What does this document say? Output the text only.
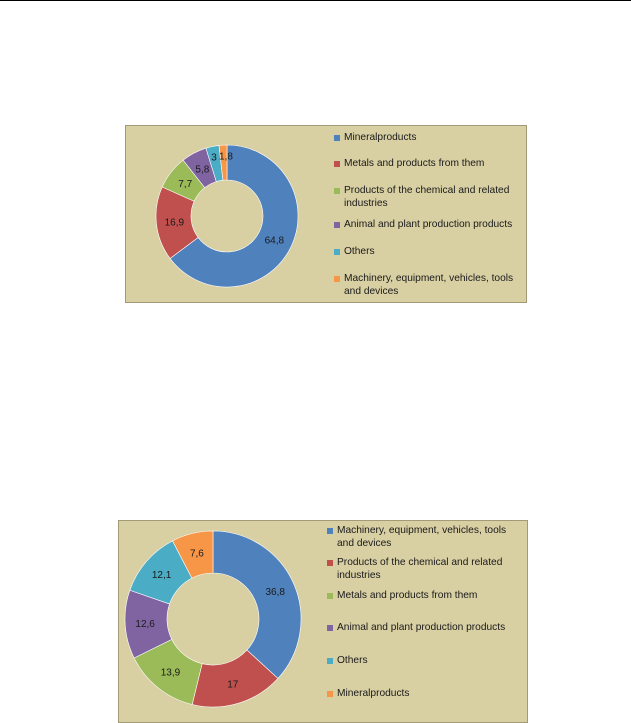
64,8
16,9
7,7
5,8
3 1,8
Mineralproducts
Metals and products from them
Products of the chemical and related industries
Animal and plant production products
Others
Machinery, equipment, vehicles, tools and devices
36,8
17
13,9
12,6
12,1
7,6
Machinery, equipment, vehicles, tools and devices
Products of the chemical and related industries
Metals and products from them
Animal and plant production products
Others
Mineralproducts
